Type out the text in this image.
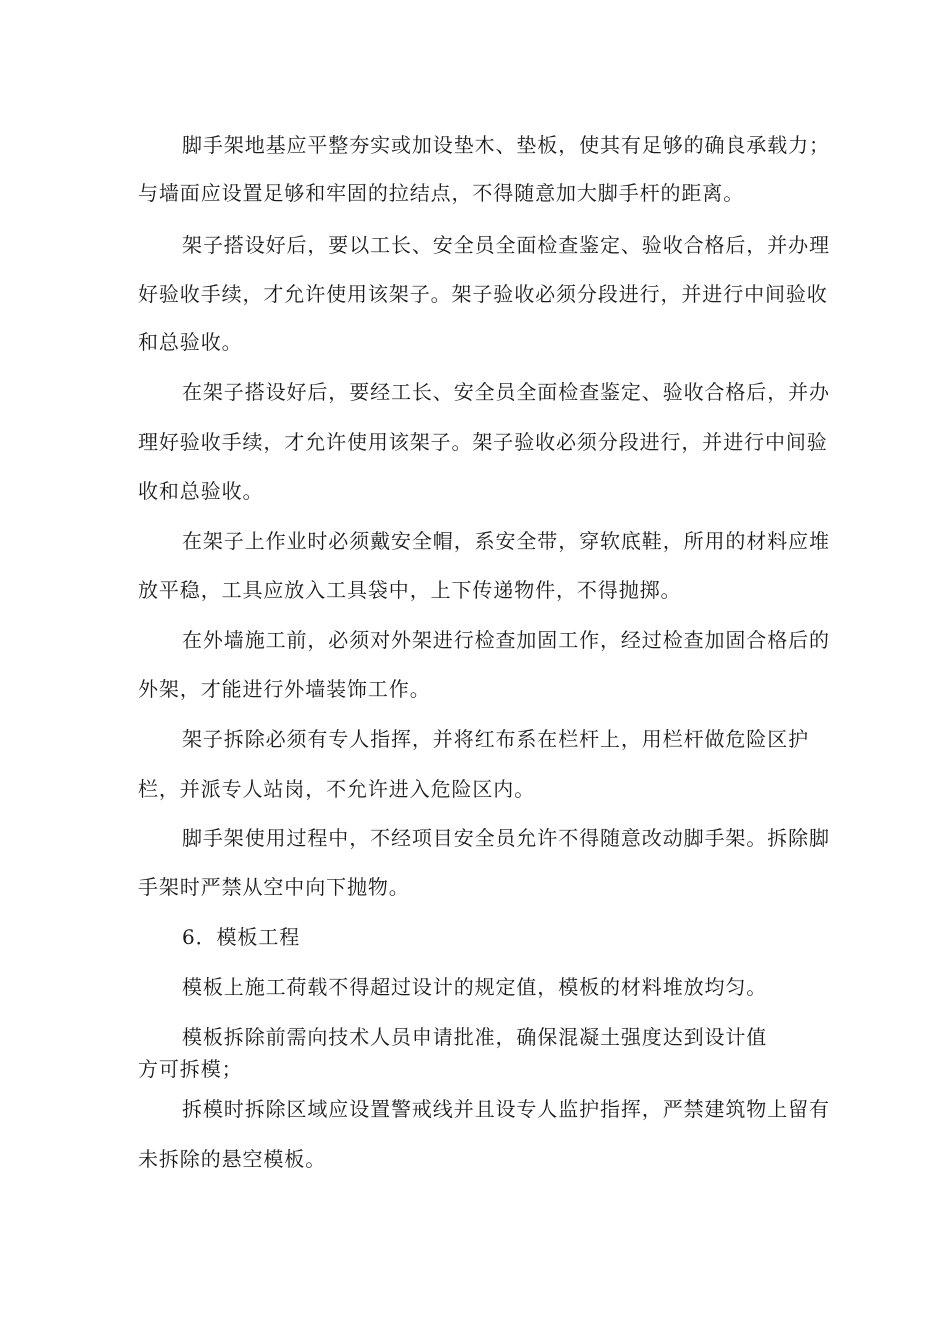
脚手架地基应平整夯实或加设垫木、垫板，使其有足够的确良承载力；
与墙面应设置足够和牢固的拉结点，不得随意加大脚手杆的距离。
架子搭设好后，要以工长、安全员全面检查鉴定、验收合格后，并办理
好验收手续，才允许使用该架子。架子验收必须分段进行，并进行中间验收
和总验收。
在架子搭设好后，要经工长、安全员全面检查鉴定、验收合格后，并办
理好验收手续，才允许使用该架子。架子验收必须分段进行，并进行中间验
收和总验收。
在架子上作业时必须戴安全帽，系安全带，穿软底鞋，所用的材料应堆
放平稳，工具应放入工具袋中，上下传递物件，不得抛掷。
在外墙施工前，必须对外架进行检查加固工作，经过检查加固合格后的
外架，才能进行外墙装饰工作。
架子拆除必须有专人指挥，并将红布系在栏杆上，用栏杆做危险区护
栏，并派专人站岗，不允许进入危险区内。
脚手架使用过程中，不经项目安全员允许不得随意改动脚手架。拆除脚
手架时严禁从空中向下抛物。
6．模板工程
模板上施工荷载不得超过设计的规定值，模板的材料堆放均匀。
模板拆除前需向技术人员申请批准，确保混凝土强度达到设计值
方可拆模；
拆模时拆除区域应设置警戒线并且设专人监护指挥，严禁建筑物上留有
未拆除的悬空模板。
